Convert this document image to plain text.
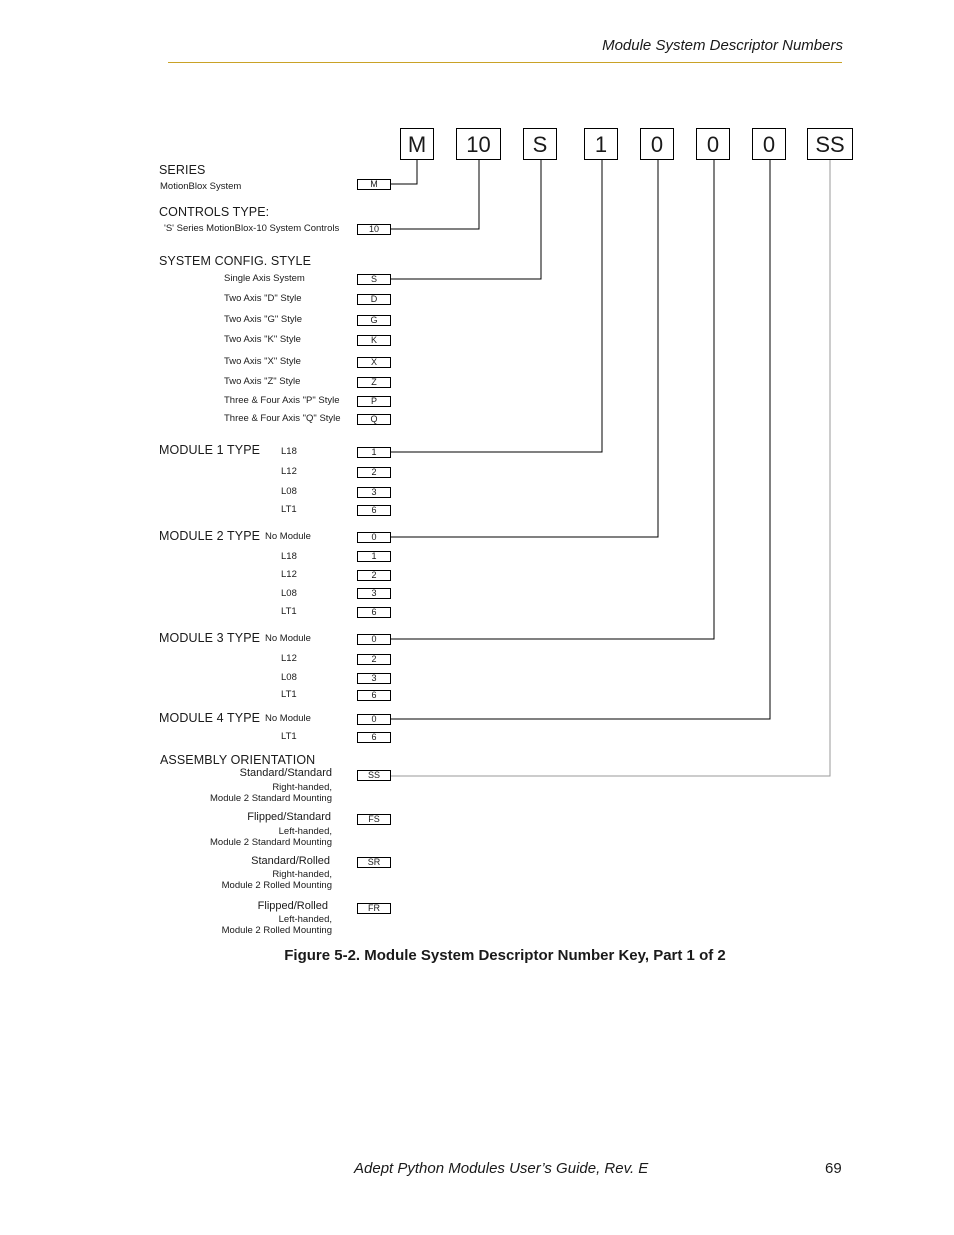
Module System Descriptor Numbers
M	10	S	1	0	0	0	SS
SERIES
MotionBlox System	M
CONTROLS TYPE:
'S' Series MotionBlox-10 System Controls	10
SYSTEM CONFIG. STYLE
Single Axis System	S
Two Axis "D" Style	D
Two Axis "G" Style	G
Two Axis "K" Style	K
Two Axis "X" Style	X
Two Axis "Z" Style	Z
Three & Four Axis "P" Style	P
Three & Four Axis "Q" Style	Q
MODULE 1 TYPE L18	1
L12	2
L08	3
LT1	6
MODULE 2 TYPE No Module	0
L18	1
L12	2
L08	3
LT1	6
MODULE 3 TYPE No Module	0
L12	2
L08	3
LT1	6
MODULE 4 TYPE No Module	0
LT1	6
ASSEMBLY ORIENTATION
Standard/Standard
Right-handed,
Module 2 Standard Mounting
SS
Flipped/Standard
Left-handed,
Module 2 Standard Mounting
FS
Standard/Rolled
Right-handed,
Module 2 Rolled Mounting
SR
Flipped/Rolled
Left-handed,
Module 2 Rolled Mounting
FR
Figure 5-2. Module System Descriptor Number Key, Part 1 of 2
Adept Python Modules User’s Guide, Rev. E	69
